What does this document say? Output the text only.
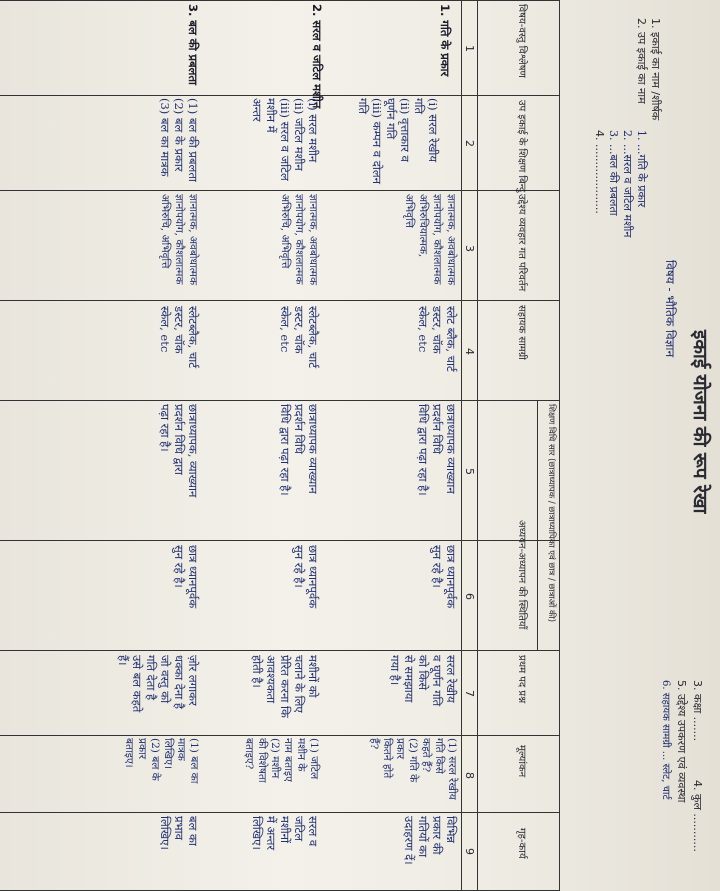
इकाई योजना की रूप रेखा
विषय - भौतिक विज्ञान
1. इकाई का नाम /शीर्षक
2. उप इकाई का नाम
1. ...गति के प्रकार
2. ...सरल व जटिल मशीन
3. ...बल की प्रबलता
4. ....................
3. कक्षा .......
4. कुल ...........
5. उद्देश्य उपकरण एवं व्यवस्था
6. सहायक सामग्री ... स्लेट, चार्ट
विषय-वस्तु विश्लेषण
उप इकाई के शिक्षण बिन्दु
उद्देश्य व्यवहार गत परिवर्तन
सहायक सामग्री
शिक्षण विधि सार (छात्राध्यापक / छात्राध्यापिका एवं छात्र / छात्राओं की)
अध्ययन-अध्यापन की स्थितियाँ
प्रथम पद प्रश्न
मूल्यांकन
गृह-कार्य
1
2
3
4
5
6
7
8
9
1. गति के प्रकार
(i) सरल रेखीय
गति
(ii) वृत्ताकार व
घूर्णन गति
(iii) कम्पन व दोलन
गति
ज्ञानात्मक, अवबोधात्मक
ज्ञानोपयोग, कौशलात्मक
अभिरुचियात्मक,
अभिवृत्ति
स्लेट ब्लैक, चार्ट
डस्टर, चॉक
स्केल, etc
छात्राध्यापक व्याख्यान
प्रदर्शन विधि
विधि द्वारा पढ़ा रहा है।
छात्र ध्यानपूर्वक
सुन रहे है।
सरल रेखीय
व घूर्णन गति
को किसे
से समझाया
गया है।
(1) सरल रेखीय
गति किसे
कहते हैं?
(2) गति के
प्रकार
कितने होते
हैं?
विभिन्न
प्रकार की
गतियों का
उदाहरण दें।
2. सरल व जटिल मशीन
(i) सरल मशीन
(ii) जटिल मशीन
(iii) सरल व जटिल
मशीन में
अन्तर
ज्ञानात्मक, अवबोधात्मक
ज्ञानोपयोग, कौशलात्मक
अभिरुचि, अभिवृत्ति
स्लेटब्लैक, चार्ट
डस्टर, चॉक
स्केल, etc
छात्राध्यापक व्याख्यान
प्रदर्शन विधि
विधि द्वारा पढ़ा रहा है।
छात्र ध्यानपूर्वक
सुन रहे है।
मशीनों को
चलाने के लिए
प्रेरित करना कि
आवश्यकता
होती है।
(1) जटिल
मशीन के
नाम बताइए
(2) मशीन
की विशेषता
बताइए?
सरल व
जटिल
मशीनों
में अन्तर
लिखिए।
3. बल की प्रबलता
(1) बल की प्रबलता
(2) बल के प्रकार
(3) बल का मात्रक
ज्ञानात्मक, अवबोधात्मक
ज्ञानोपयोग, कौशलात्मक
अभिरुचि, अभिवृत्ति
स्लेटब्लैक, चार्ट
डस्टर, चॉक
स्केल, etc
छात्राध्यापक, व्याख्यान
प्रदर्शन विधि द्वारा
पढ़ा रहा है।
छात्र ध्यानपूर्वक
सुन रहे है।
ज़ोर लगाकर
धक्का देना है
जो वस्तु को
गति देता है
उसे बल कहते
हैं।
(1) बल का
मात्रक
लिखिए।
(2) बल के
प्रकार
बताइए।
बल का
प्रभाव
लिखिए।
